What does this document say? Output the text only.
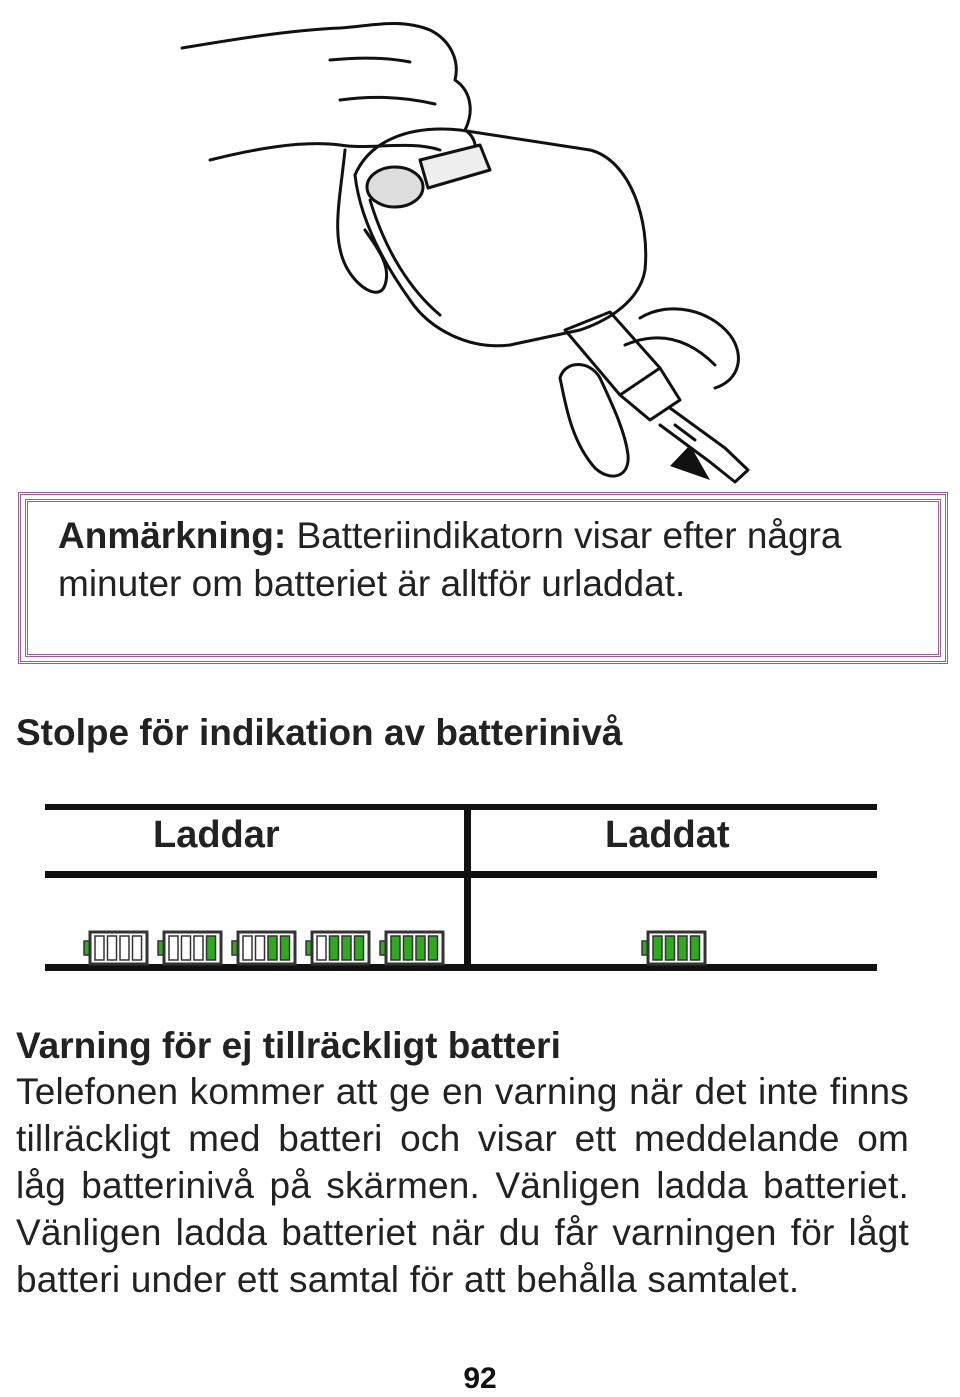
Anmärkning: Batteriindikatorn visar efter några minuter om batteriet är alltför urladdat.
Stolpe för indikation av batterinivå
Laddar	Laddat
Varning för ej tillräckligt batteri
Telefonen kommer att ge en varning när det inte finns tillräckligt med batteri och visar ett meddelande om låg batterinivå på skärmen. Vänligen ladda batteriet. Vänligen ladda batteriet när du får varningen för lågt batteri under ett samtal för att behålla samtalet.
92
